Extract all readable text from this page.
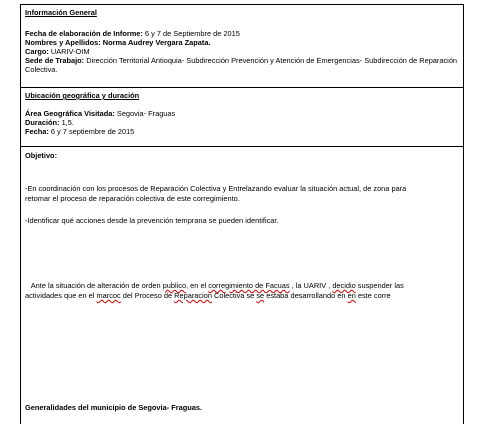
Información General
Fecha de elaboración de Informe: 6 y 7 de Septiembre de 2015
Nombres y Apellidos: Norma Audrey Vergara Zapata.
Cargo: UARIV-OIM
Sede de Trabajo: Dirección Territorial Antioquia- Subdirección Prevención y Atención de Emergencias- Subdirección de Reparación
Colectiva.
Ubicación geográfica y duración
Área Geográfica Visitada: Segovia- Fraguas
Duración: 1,5.
Fecha: 6 y 7 septiembre de 2015
Objetivo:
-En coordinación con los procesos de Reparación Colectiva y Entrelazando evaluar la situación actual, de zona para
retomar el proceso de reparación colectiva de este corregimiento.
-Identificar qué acciones desde la prevención temprana se pueden identificar.
Ante la situación de alteración de orden publico, en el corregimiento de Facuas , la UARIV , decidio suspender las
actividades que en el marcoc del Proceso de Reparacion Colectiva se se estaba desarrollando en en este corre
Generalidades del municipio de Segovia- Fraguas.
